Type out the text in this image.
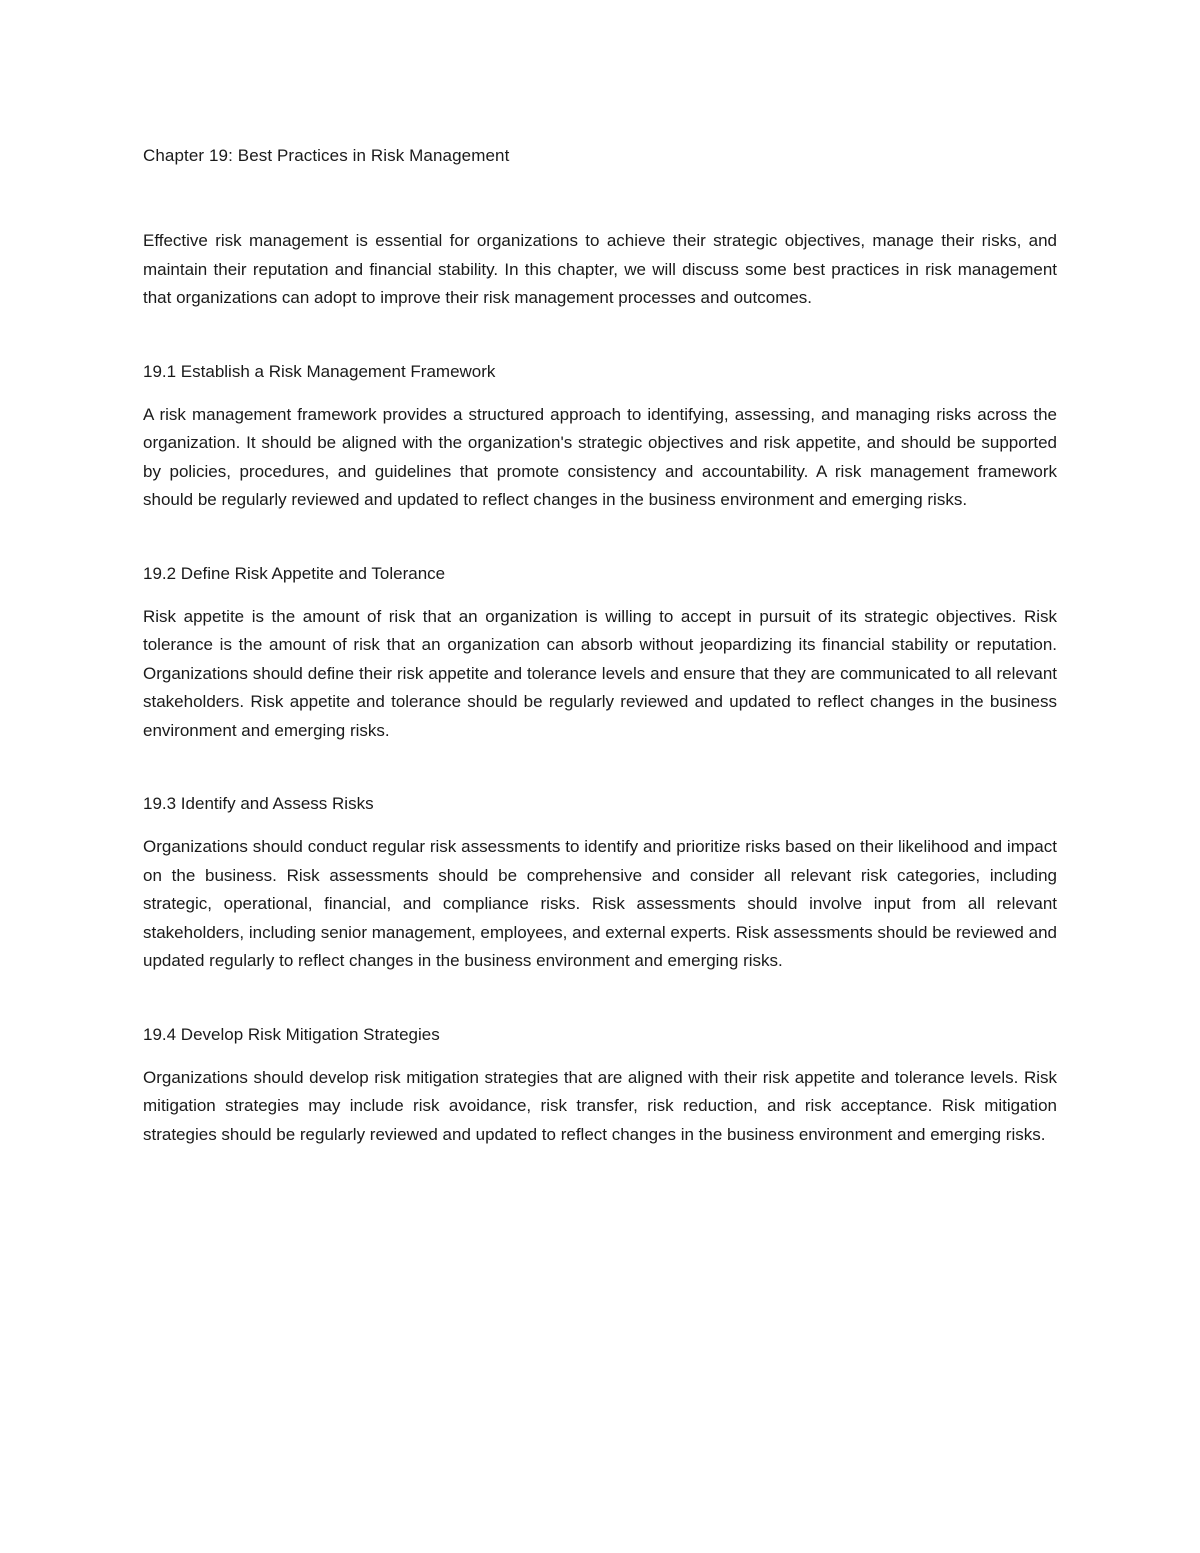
Chapter 19: Best Practices in Risk Management

Effective risk management is essential for organizations to achieve their strategic objectives, manage their risks, and maintain their reputation and financial stability. In this chapter, we will discuss some best practices in risk management that organizations can adopt to improve their risk management processes and outcomes.

19.1 Establish a Risk Management Framework

A risk management framework provides a structured approach to identifying, assessing, and managing risks across the organization. It should be aligned with the organization's strategic objectives and risk appetite, and should be supported by policies, procedures, and guidelines that promote consistency and accountability. A risk management framework should be regularly reviewed and updated to reflect changes in the business environment and emerging risks.

19.2 Define Risk Appetite and Tolerance

Risk appetite is the amount of risk that an organization is willing to accept in pursuit of its strategic objectives. Risk tolerance is the amount of risk that an organization can absorb without jeopardizing its financial stability or reputation. Organizations should define their risk appetite and tolerance levels and ensure that they are communicated to all relevant stakeholders. Risk appetite and tolerance should be regularly reviewed and updated to reflect changes in the business environment and emerging risks.

19.3 Identify and Assess Risks

Organizations should conduct regular risk assessments to identify and prioritize risks based on their likelihood and impact on the business. Risk assessments should be comprehensive and consider all relevant risk categories, including strategic, operational, financial, and compliance risks. Risk assessments should involve input from all relevant stakeholders, including senior management, employees, and external experts. Risk assessments should be reviewed and updated regularly to reflect changes in the business environment and emerging risks.

19.4 Develop Risk Mitigation Strategies

Organizations should develop risk mitigation strategies that are aligned with their risk appetite and tolerance levels. Risk mitigation strategies may include risk avoidance, risk transfer, risk reduction, and risk acceptance. Risk mitigation strategies should be regularly reviewed and updated to reflect changes in the business environment and emerging risks.
